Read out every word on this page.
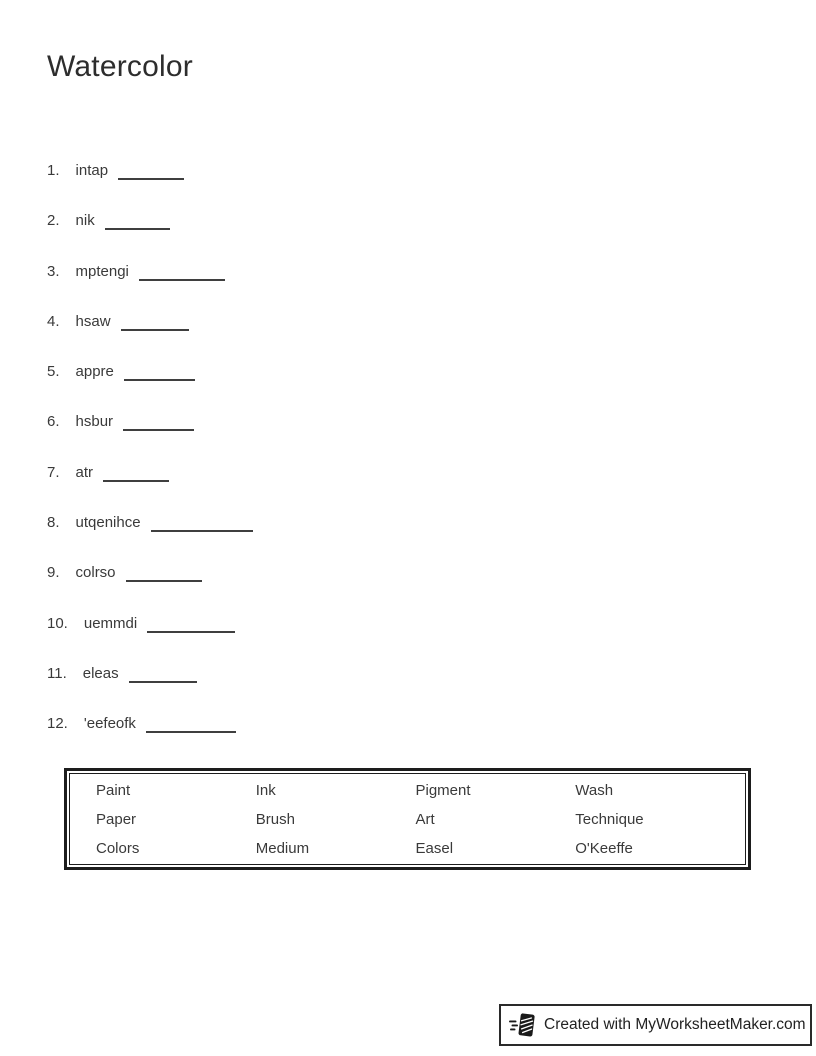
Watercolor
1. intap
2. nik
3. mptengi
4. hsaw
5. appre
6. hsbur
7. atr
8. utqenihce
9. colrso
10. uemmdi
11. eleas
12. 'eefeofk
Paint	Ink	Pigment	Wash
Paper	Brush	Art	Technique
Colors	Medium	Easel	O'Keeffe
Created with MyWorksheetMaker.com
